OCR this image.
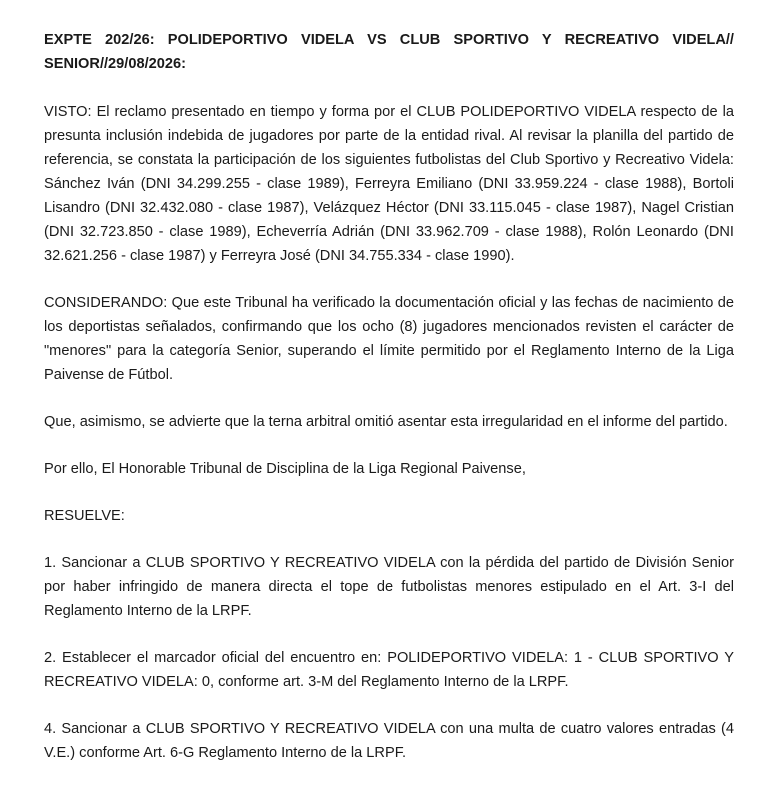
EXPTE 202/26: POLIDEPORTIVO VIDELA VS CLUB SPORTIVO Y RECREATIVO VIDELA// SENIOR//29/08/2026:

VISTO: El reclamo presentado en tiempo y forma por el CLUB POLIDEPORTIVO VIDELA respecto de la presunta inclusión indebida de jugadores por parte de la entidad rival. Al revisar la planilla del partido de referencia, se constata la participación de los siguientes futbolistas del Club Sportivo y Recreativo Videla: Sánchez Iván (DNI 34.299.255 - clase 1989), Ferreyra Emiliano (DNI 33.959.224 - clase 1988), Bortoli Lisandro (DNI 32.432.080 - clase 1987), Velázquez Héctor (DNI 33.115.045 - clase 1987), Nagel Cristian (DNI 32.723.850 - clase 1989), Echeverría Adrián (DNI 33.962.709 - clase 1988), Rolón Leonardo (DNI 32.621.256 - clase 1987) y Ferreyra José (DNI 34.755.334 - clase 1990).

CONSIDERANDO: Que este Tribunal ha verificado la documentación oficial y las fechas de nacimiento de los deportistas señalados, confirmando que los ocho (8) jugadores mencionados revisten el carácter de "menores" para la categoría Senior, superando el límite permitido por el Reglamento Interno de la Liga Paivense de Fútbol.

Que, asimismo, se advierte que la terna arbitral omitió asentar esta irregularidad en el informe del partido.

Por ello, El Honorable Tribunal de Disciplina de la Liga Regional Paivense,

RESUELVE:

1. Sancionar a CLUB SPORTIVO Y RECREATIVO VIDELA con la pérdida del partido de División Senior por haber infringido de manera directa el tope de futbolistas menores estipulado en el Art. 3-I del Reglamento Interno de la LRPF.

2. Establecer el marcador oficial del encuentro en: POLIDEPORTIVO VIDELA: 1 - CLUB SPORTIVO Y RECREATIVO VIDELA: 0, conforme art. 3-M del Reglamento Interno de la LRPF.

4. Sancionar a CLUB SPORTIVO Y RECREATIVO VIDELA con una multa de cuatro valores entradas (4 V.E.) conforme Art. 6-G Reglamento Interno de la LRPF.
